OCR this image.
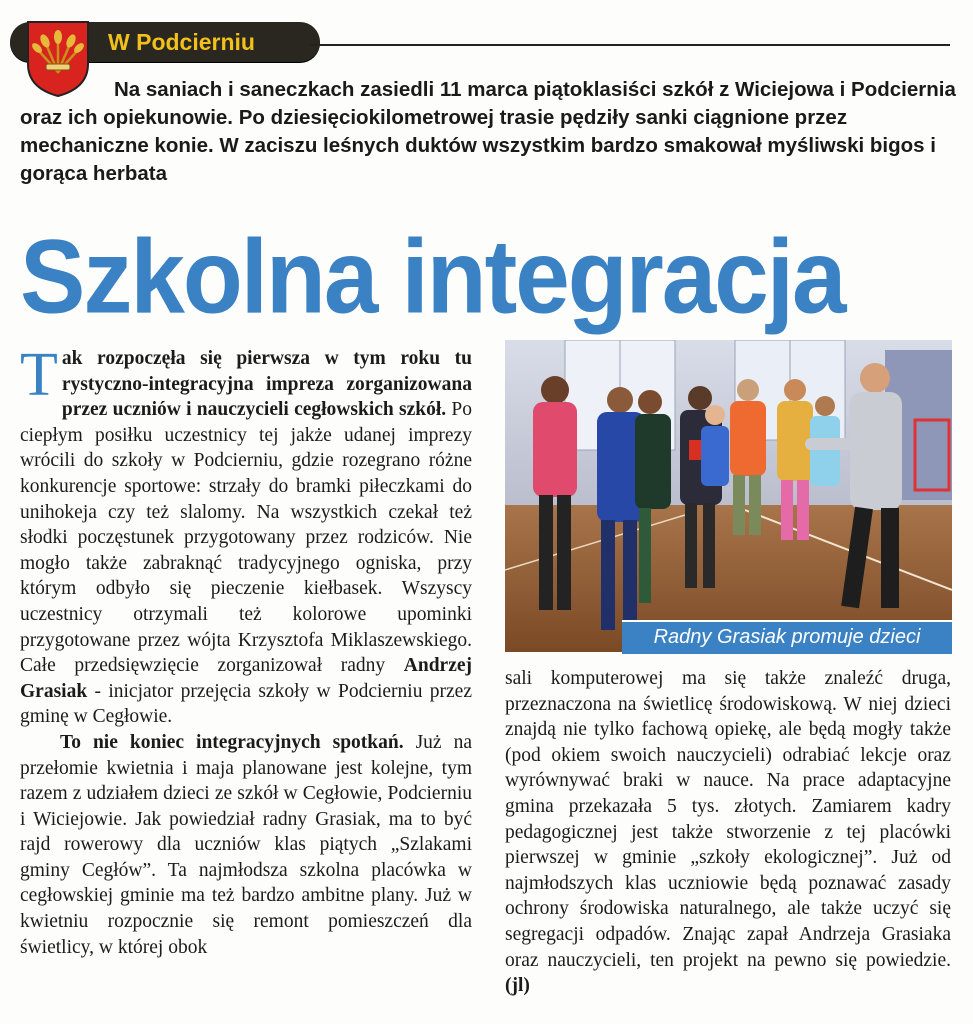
W Podcierniu
Na saniach i saneczkach zasiedli 11 marca piątoklasiści szkół z Wiciejowa i Podciernia oraz ich opiekunowie. Po dziesięciokilometrowej trasie pędziły sanki ciągnione przez mechaniczne konie. W zaciszu leśnych duktów wszystkim bardzo smakował myśliwski bigos i gorąca herbata
Szkolna integracja

Tak rozpoczęła się pierwsza w tym roku tu rystyczno-integracyjna impreza zorganizowana przez uczniów i nauczycieli cegłowskich szkół. Po ciepłym posiłku uczestnicy tej jakże udanej imprezy wrócili do szkoły w Podcierniu, gdzie rozegrano różne konkurencje sportowe: strzały do bramki piłeczkami do unihokeja czy też slalomy. Na wszystkich czekał też słodki poczęstunek przygotowany przez rodziców. Nie mogło także zabraknąć tradycyjnego ogniska, przy którym odbyło się pieczenie kiełbasek. Wszyscy uczestnicy otrzymali też kolorowe upominki przygotowane przez wójta Krzysztofa Miklaszewskiego. Całe przedsięwzięcie zorganizował radny Andrzej Grasiak - inicjator przejęcia szkoły w Podcierniu przez gminę w Cegłowie.

To nie koniec integracyjnych spotkań. Już na przełomie kwietnia i maja planowane jest kolejne, tym razem z udziałem dzieci ze szkół w Cegłowie, Podcierniu i Wiciejowie. Jak powiedział radny Grasiak, ma to być rajd rowerowy dla uczniów klas piątych „Szlakami gminy Cegłów”. Ta najmłodsza szkolna placówka w cegłowskiej gminie ma też bardzo ambitne plany. Już w kwietniu rozpocznie się remont pomieszczeń dla świetlicy, w której obok

Radny Grasiak promuje dzieci

sali komputerowej ma się także znaleźć druga, przeznaczona na świetlicę środowiskową. W niej dzieci znajdą nie tylko fachową opiekę, ale będą mogły także (pod okiem swoich nauczycieli) odrabiać lekcje oraz wyrównywać braki w nauce. Na prace adaptacyjne gmina przekazała 5 tys. złotych. Zamiarem kadry pedagogicznej jest także stworzenie z tej placówki pierwszej w gminie „szkoły ekologicznej”. Już od najmłodszych klas uczniowie będą poznawać zasady ochrony środowiska naturalnego, ale także uczyć się segregacji odpadów. Znając zapał Andrzeja Grasiaka oraz nauczycieli, ten projekt na pewno się powiedzie. (jl)
